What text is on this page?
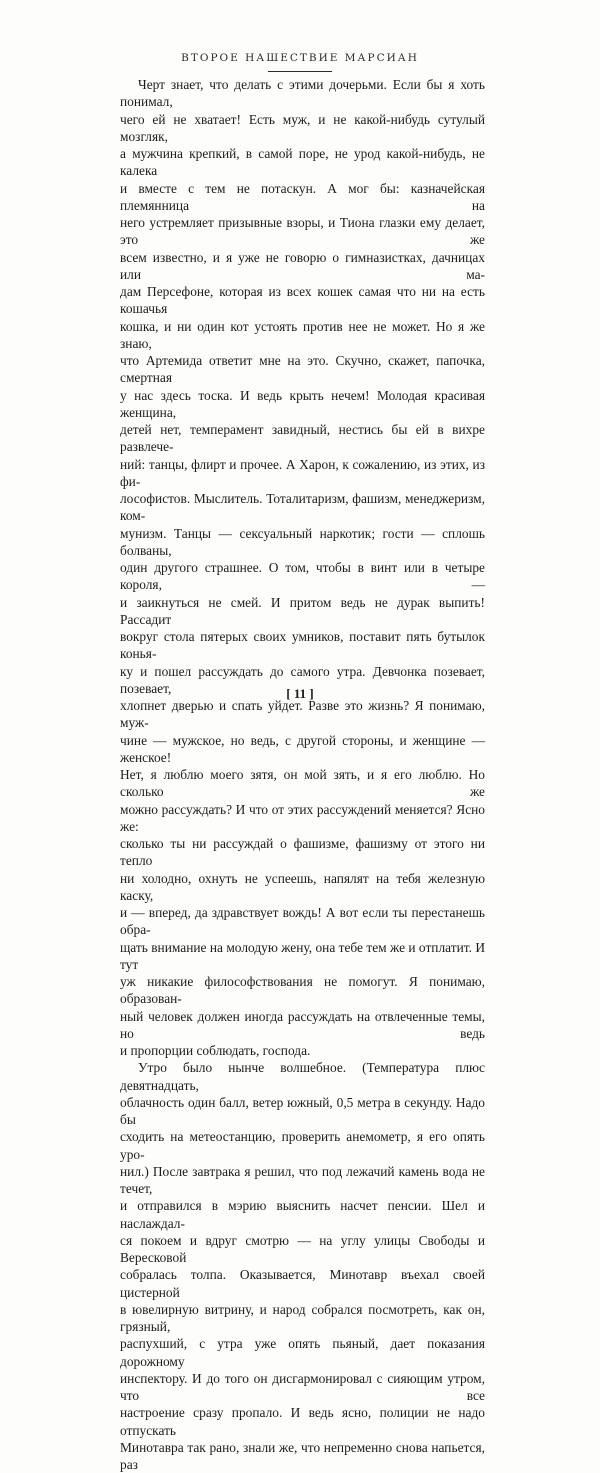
ВТОРОЕ НАШЕСТВИЕ МАРСИАН

Черт знает, что делать с этими дочерьми. Если бы я хоть понимал,

чего ей не хватает! Есть муж, и не какой-нибудь сутулый мозгляк,

а мужчина крепкий, в самой поре, не урод какой-нибудь, не калека

и вместе с тем не потаскун. А мог бы: казначейская племянница на

него устремляет призывные взоры, и Тиона глазки ему делает, это же

всем известно, и я уже не говорю о гимназистках, дачницах или ма-

дам Персефоне, которая из всех кошек самая что ни на есть кошачья

кошка, и ни один кот устоять против нее не может. Но я же знаю,

что Артемида ответит мне на это. Скучно, скажет, папочка, смертная

у нас здесь тоска. И ведь крыть нечем! Молодая красивая женщина,

детей нет, темперамент завидный, нестись бы ей в вихре развлече-

ний: танцы, флирт и прочее. А Харон, к сожалению, из этих, из фи-

лософистов. Мыслитель. Тоталитаризм, фашизм, менеджеризм, ком-

мунизм. Танцы — сексуальный наркотик; гости — сплошь болваны,

один другого страшнее. О том, чтобы в винт или в четыре короля, —

и заикнуться не смей. И притом ведь не дурак выпить! Рассадит

вокруг стола пятерых своих умников, поставит пять бутылок конья-

ку и пошел рассуждать до самого утра. Девчонка позевает, позевает,

хлопнет дверью и спать уйдет. Разве это жизнь? Я понимаю, муж-

чине — мужское, но ведь, с другой стороны, и женщине — женское!

Нет, я люблю моего зятя, он мой зять, и я его люблю. Но сколько же

можно рассуждать? И что от этих рассуждений меняется? Ясно же:

сколько ты ни рассуждай о фашизме, фашизму от этого ни тепло

ни холодно, охнуть не успеешь, напялят на тебя железную каску,

и — вперед, да здравствует вождь! А вот если ты перестанешь обра-

щать внимание на молодую жену, она тебе тем же и отплатит. И тут

уж никакие философствования не помогут. Я понимаю, образован-

ный человек должен иногда рассуждать на отвлеченные темы, но ведь

и пропорции соблюдать, господа.

Утро было нынче волшебное. (Температура плюс девятнадцать,

облачность один балл, ветер южный, 0,5 метра в секунду. Надо бы

сходить на метеостанцию, проверить анемометр, я его опять уро-

нил.) После завтрака я решил, что под лежачий камень вода не течет,

и отправился в мэрию выяснить насчет пенсии. Шел и наслаждал-

ся покоем и вдруг смотрю — на углу улицы Свободы и Вересковой

собралась толпа. Оказывается, Минотавр въехал своей цистерной

в ювелирную витрину, и народ собрался посмотреть, как он, грязный,

распухший, с утра уже опять пьяный, дает показания дорожному

инспектору. И до того он дисгармонировал с сияющим утром, что все

настроение сразу пропало. И ведь ясно, полиции не надо отпускать

Минотавра так рано, знали же, что непременно снова напьется, раз

[ 11 ]
